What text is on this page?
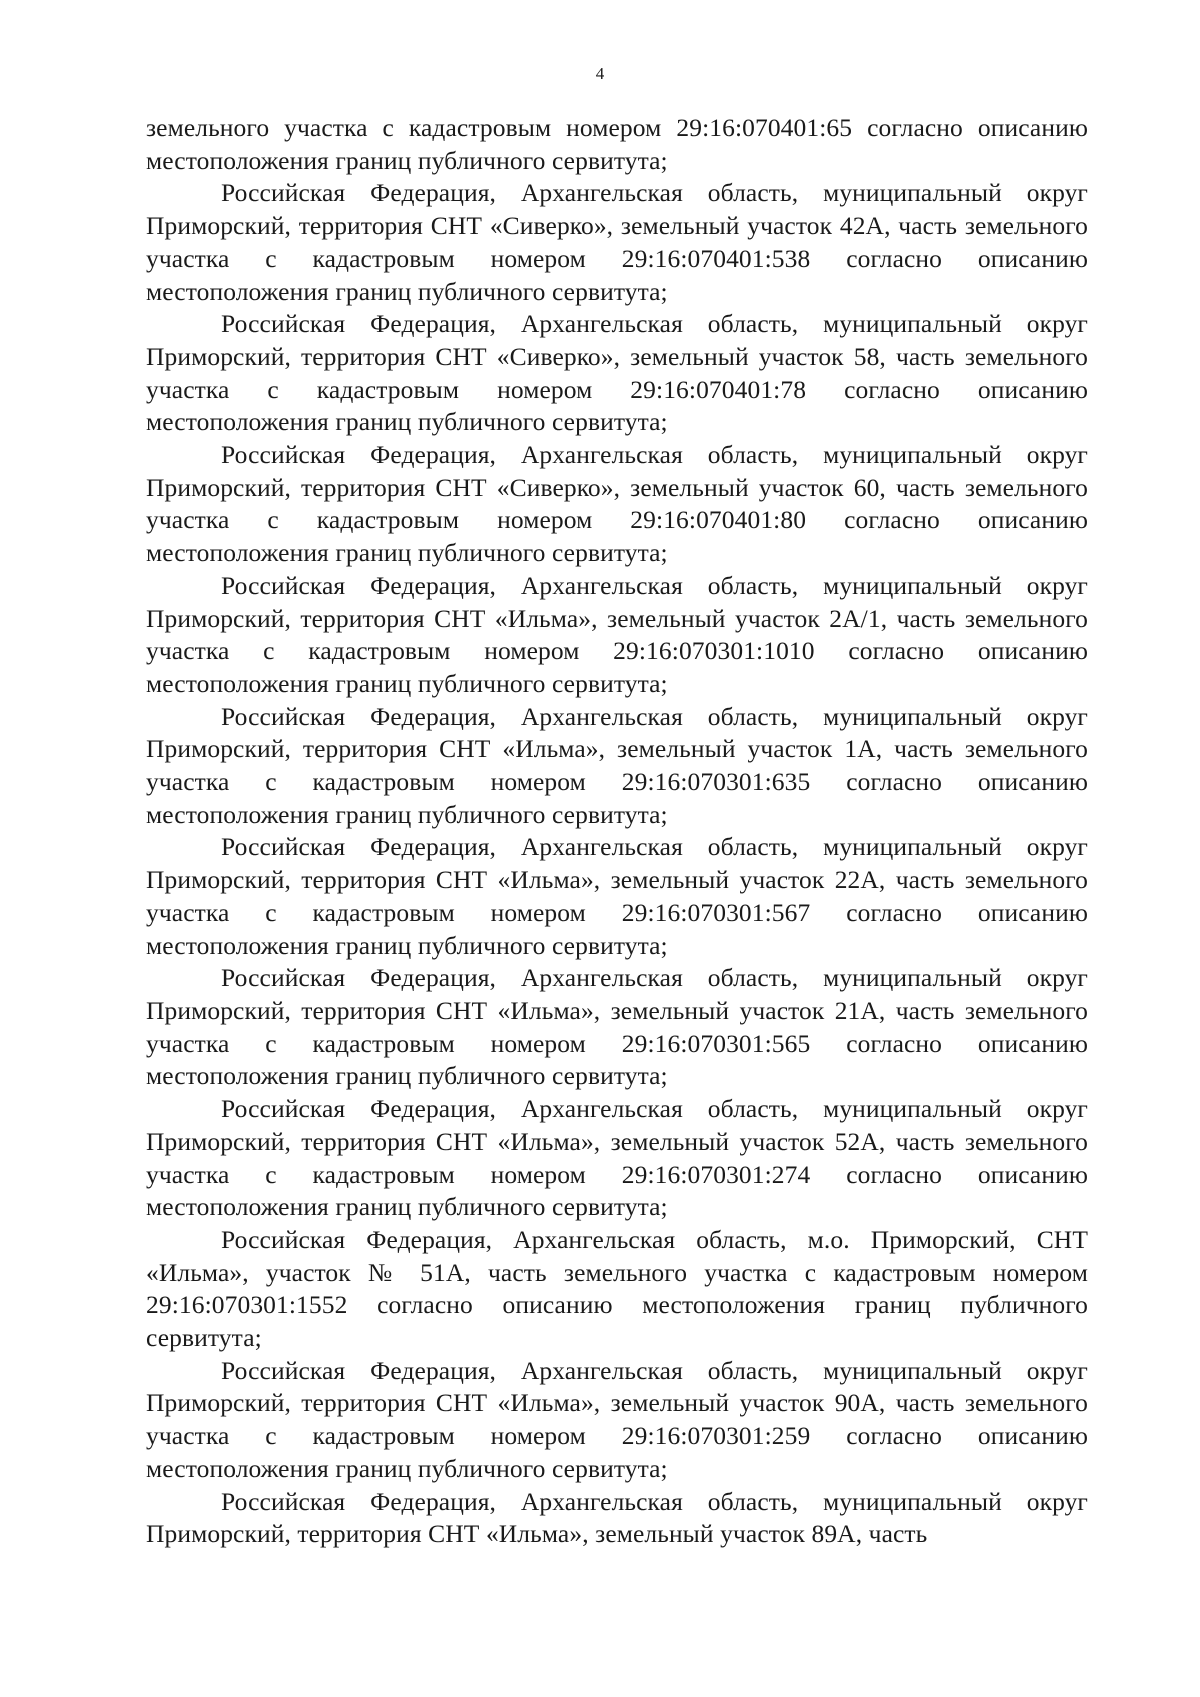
4

земельного участка с кадастровым номером 29:16:070401:65 согласно описанию местоположения границ публичного сервитута;

Российская Федерация, Архангельская область, муниципальный округ Приморский, территория СНТ «Сиверко», земельный участок 42А, часть земельного участка с кадастровым номером 29:16:070401:538 согласно описанию местоположения границ публичного сервитута;

Российская Федерация, Архангельская область, муниципальный округ Приморский, территория СНТ «Сиверко», земельный участок 58, часть земельного участка с кадастровым номером 29:16:070401:78 согласно описанию местоположения границ публичного сервитута;

Российская Федерация, Архангельская область, муниципальный округ Приморский, территория СНТ «Сиверко», земельный участок 60, часть земельного участка с кадастровым номером 29:16:070401:80 согласно описанию местоположения границ публичного сервитута;

Российская Федерация, Архангельская область, муниципальный округ Приморский, территория СНТ «Ильма», земельный участок 2А/1, часть земельного участка с кадастровым номером 29:16:070301:1010 согласно описанию местоположения границ публичного сервитута;

Российская Федерация, Архангельская область, муниципальный округ Приморский, территория СНТ «Ильма», земельный участок 1А, часть земельного участка с кадастровым номером 29:16:070301:635 согласно описанию местоположения границ публичного сервитута;

Российская Федерация, Архангельская область, муниципальный округ Приморский, территория СНТ «Ильма», земельный участок 22А, часть земельного участка с кадастровым номером 29:16:070301:567 согласно описанию местоположения границ публичного сервитута;

Российская Федерация, Архангельская область, муниципальный округ Приморский, территория СНТ «Ильма», земельный участок 21А, часть земельного участка с кадастровым номером 29:16:070301:565 согласно описанию местоположения границ публичного сервитута;

Российская Федерация, Архангельская область, муниципальный округ Приморский, территория СНТ «Ильма», земельный участок 52А, часть земельного участка с кадастровым номером 29:16:070301:274 согласно описанию местоположения границ публичного сервитута;

Российская Федерация, Архангельская область, м.о. Приморский, СНТ «Ильма», участок № 51А, часть земельного участка с кадастровым номером 29:16:070301:1552 согласно описанию местоположения границ публичного сервитута;

Российская Федерация, Архангельская область, муниципальный округ Приморский, территория СНТ «Ильма», земельный участок 90А, часть земельного участка с кадастровым номером 29:16:070301:259 согласно описанию местоположения границ публичного сервитута;

Российская Федерация, Архангельская область, муниципальный округ Приморский, территория СНТ «Ильма», земельный участок 89А, часть
